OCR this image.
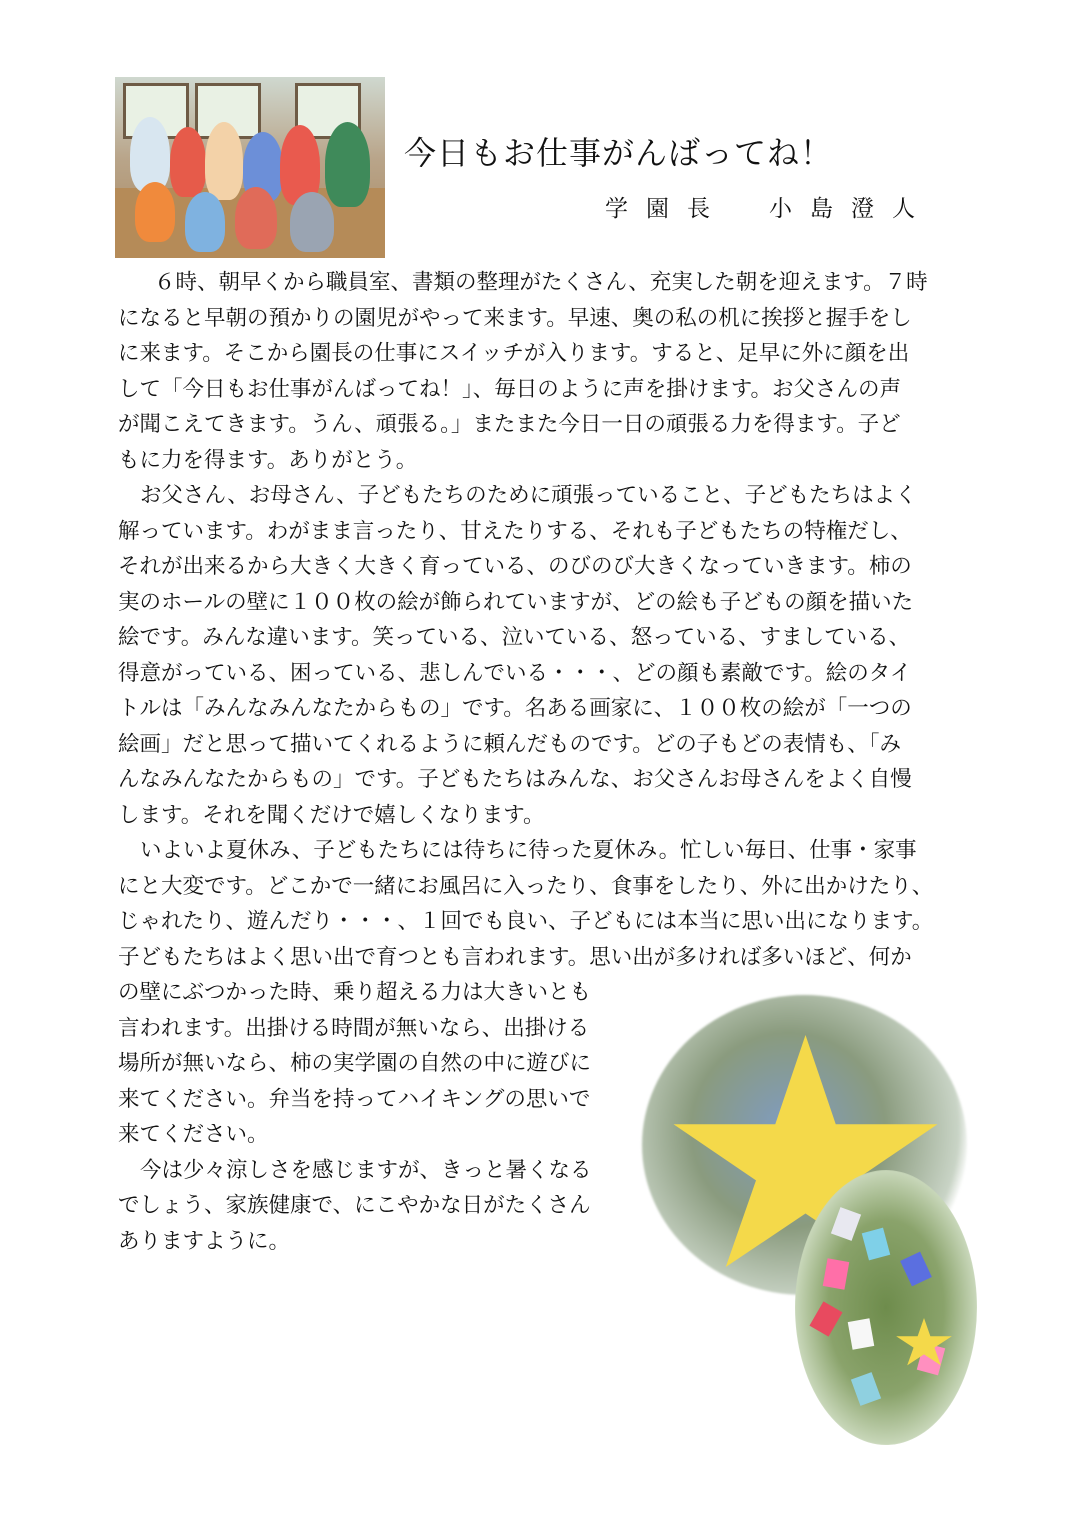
今日もお仕事がんばってね！
学園長　小島澄人
６時、朝早くから職員室、書類の整理がたくさん、充実した朝を迎えます。７時
になると早朝の預かりの園児がやって来ます。早速、奥の私の机に挨拶と握手をし
に来ます。そこから園長の仕事にスイッチが入ります。すると、足早に外に顔を出
して「今日もお仕事がんばってね！」、毎日のように声を掛けます。お父さんの声
が聞こえてきます。うん、頑張る。」またまた今日一日の頑張る力を得ます。子ど
もに力を得ます。ありがとう。
お父さん、お母さん、子どもたちのために頑張っていること、子どもたちはよく
解っています。わがまま言ったり、甘えたりする、それも子どもたちの特権だし、
それが出来るから大きく大きく育っている、のびのび大きくなっていきます。柿の
実のホールの壁に１００枚の絵が飾られていますが、どの絵も子どもの顔を描いた
絵です。みんな違います。笑っている、泣いている、怒っている、すましている、
得意がっている、困っている、悲しんでいる・・・、どの顔も素敵です。絵のタイ
トルは「みんなみんなたからもの」です。名ある画家に、１００枚の絵が「一つの
絵画」だと思って描いてくれるように頼んだものです。どの子もどの表情も、「み
んなみんなたからもの」です。子どもたちはみんな、お父さんお母さんをよく自慢
します。それを聞くだけで嬉しくなります。
いよいよ夏休み、子どもたちには待ちに待った夏休み。忙しい毎日、仕事・家事
にと大変です。どこかで一緒にお風呂に入ったり、食事をしたり、外に出かけたり、
じゃれたり、遊んだり・・・、１回でも良い、子どもには本当に思い出になります。
子どもたちはよく思い出で育つとも言われます。思い出が多ければ多いほど、何か
の壁にぶつかった時、乗り超える力は大きいとも
言われます。出掛ける時間が無いなら、出掛ける
場所が無いなら、柿の実学園の自然の中に遊びに
来てください。弁当を持ってハイキングの思いで
来てください。
今は少々涼しさを感じますが、きっと暑くなる
でしょう、家族健康で、にこやかな日がたくさん
ありますように。
